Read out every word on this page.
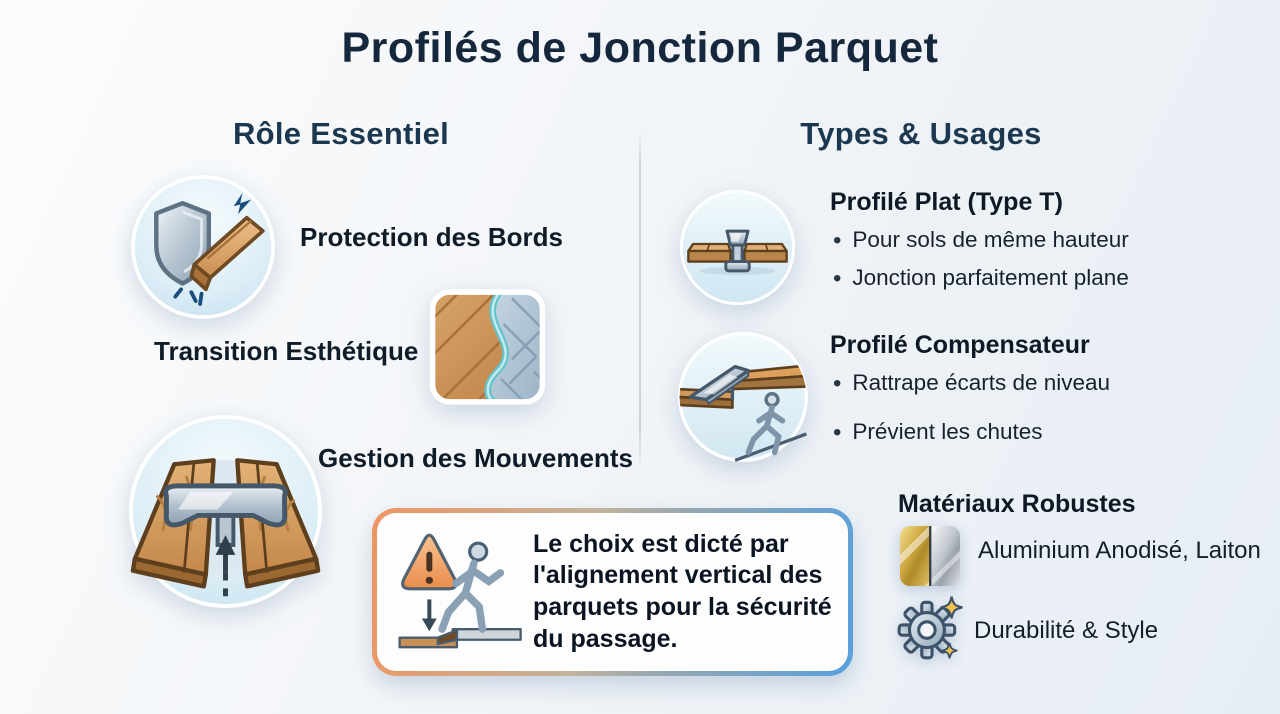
Profilés de Jonction Parquet
Rôle Essentiel	Types & Usages
Protection des Bords
Transition Esthétique
Gestion des Mouvements
Profilé Plat (Type T)
• Pour sols de même hauteur
• Jonction parfaitement plane
Profilé Compensateur
• Rattrape écarts de niveau
• Prévient les chutes
Matériaux Robustes
Aluminium Anodisé, Laiton
Durabilité & Style
Le choix est dicté par l'alignement vertical des parquets pour la sécurité du passage.
